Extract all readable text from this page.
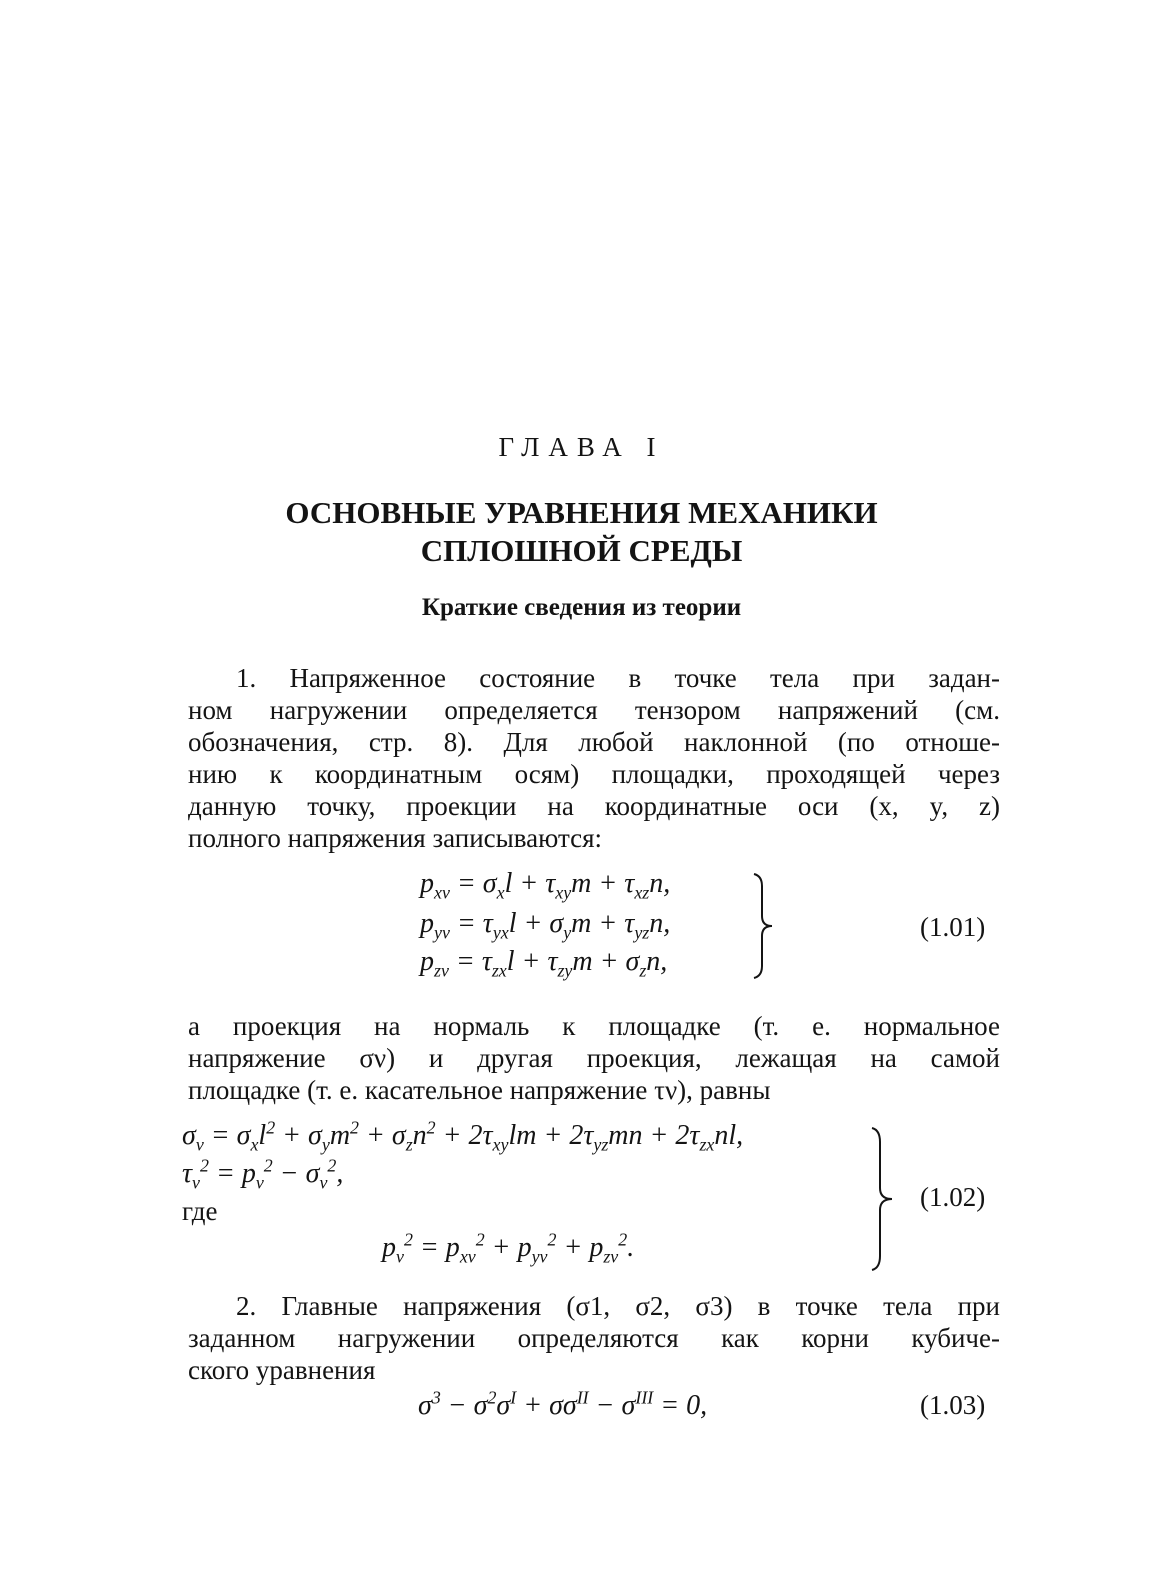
ГЛАВА I
ОСНОВНЫЕ УРАВНЕНИЯ МЕХАНИКИ
СПЛОШНОЙ СРЕДЫ
Краткие сведения из теории
1. Напряженное состояние в точке тела при задан-
ном нагружении определяется тензором напряжений (см.
обозначения, стр. 8). Для любой наклонной (по отноше-
нию к координатным осям) площадки, проходящей через
данную точку, проекции на координатные оси (x, y, z)
полного напряжения записываются:
$p_{x\nu} = \sigma_xl + \tau_{xy}m + \tau_{xz}n$,
$p_{y\nu} = \tau_{yx}l + \sigma_ym + \tau_{yz}n$,
$p_{z\nu} = \tau_{zx}l + \tau_{zy}m + \sigma_zn$,
(1.01)
а проекция на нормаль к площадке (т. е. нормальное
напряжение σν) и другая проекция, лежащая на самой
площадке (т. е. касательное напряжение τν), равны
$\sigma_\nu = \sigma_xl^2 + \sigma_ym^2 + \sigma_zn^2 + 2\tau_{xy}lm + 2\tau_{yz}mn + 2\tau_{zx}nl$,
$\tau_\nu^2 = p_\nu^2 - \sigma_\nu^2$,
где
$p_\nu^2 = p_{x\nu}^2 + p_{y\nu}^2 + p_{z\nu}^2$.
(1.02)
2. Главные напряжения (σ1, σ2, σ3) в точке тела при
заданном нагружении определяются как корни кубиче-
ского уравнения
$\sigma^3 - \sigma^2\sigma^I + \sigma\sigma^{II} - \sigma^{III} = 0$,	(1.03)
